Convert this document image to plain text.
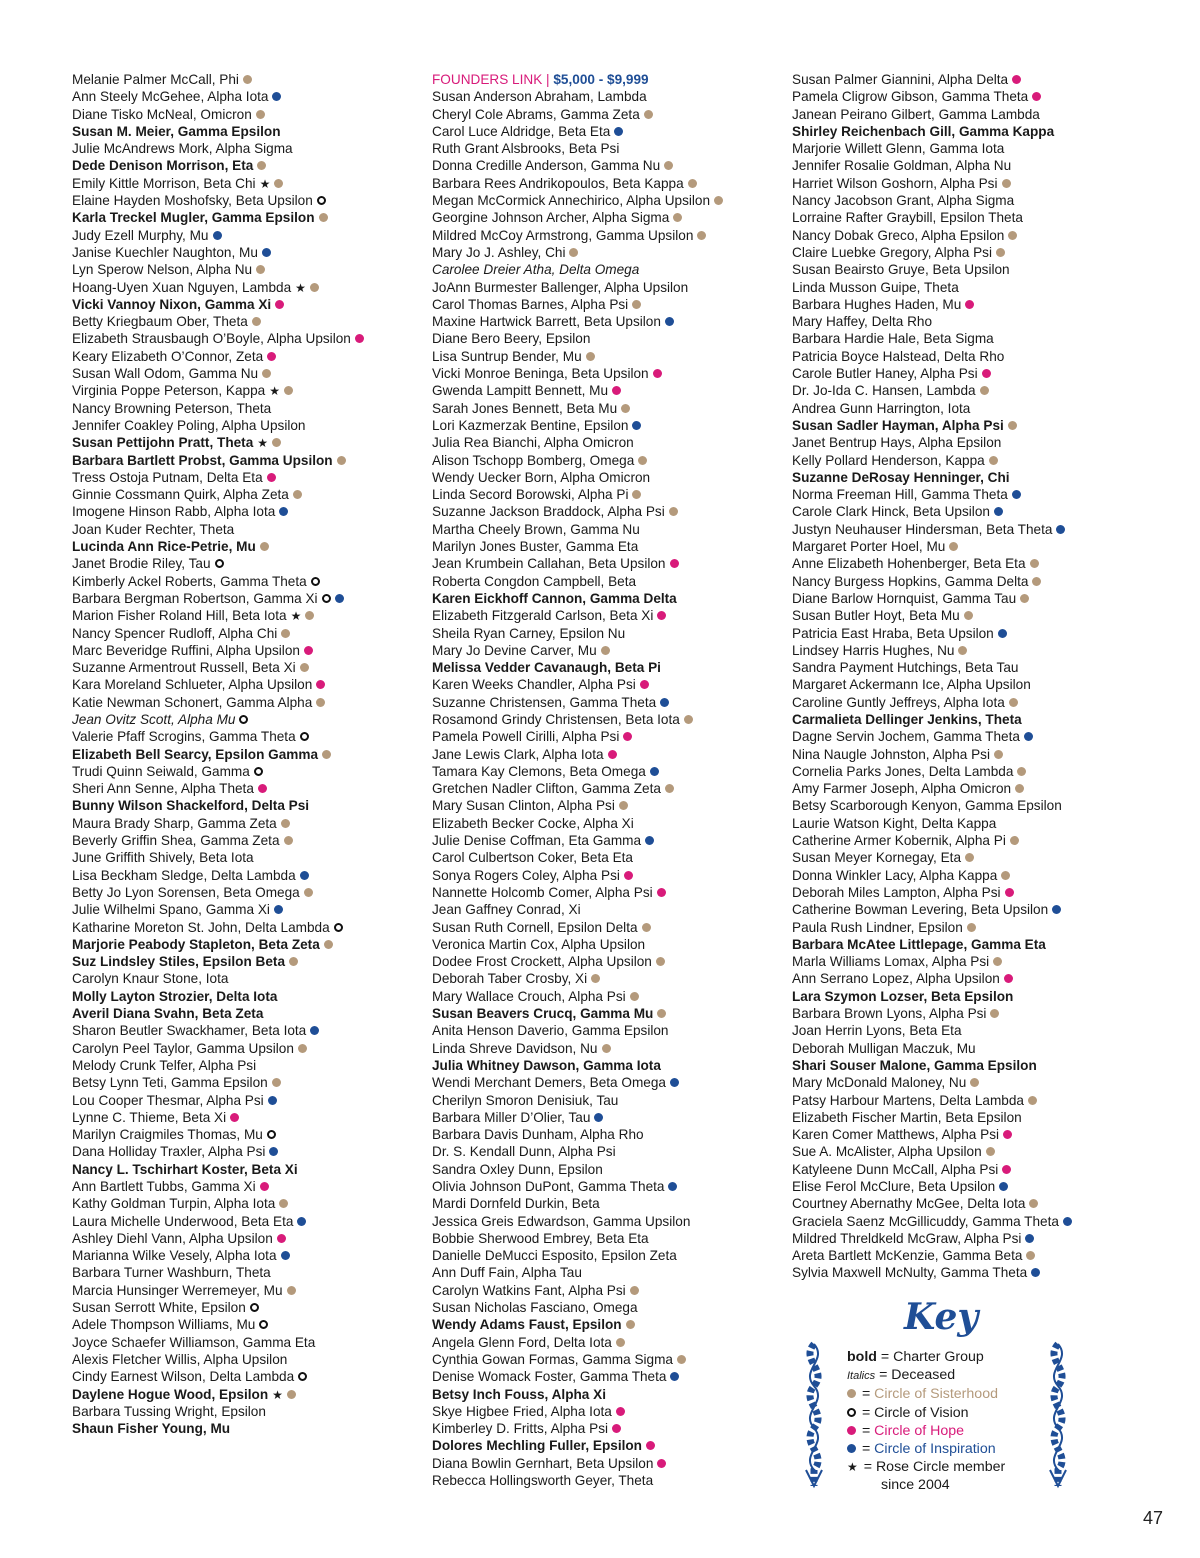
Melanie Palmer McCall, Phi
Ann Steely McGehee, Alpha Iota
Diane Tisko McNeal, Omicron
Susan M. Meier, Gamma Epsilon
Julie McAndrews Mork, Alpha Sigma
Dede Denison Morrison, Eta
Emily Kittle Morrison, Beta Chi ★
Elaine Hayden Moshofsky, Beta Upsilon
Karla Treckel Mugler, Gamma Epsilon
Judy Ezell Murphy, Mu
Janise Kuechler Naughton, Mu
Lyn Sperow Nelson, Alpha Nu
Hoang-Uyen Xuan Nguyen, Lambda ★
Vicki Vannoy Nixon, Gamma Xi
Betty Kriegbaum Ober, Theta
Elizabeth Strausbaugh O’Boyle, Alpha Upsilon
Keary Elizabeth O’Connor, Zeta
Susan Wall Odom, Gamma Nu
Virginia Poppe Peterson, Kappa ★
Nancy Browning Peterson, Theta
Jennifer Coakley Poling, Alpha Upsilon
Susan Pettijohn Pratt, Theta ★
Barbara Bartlett Probst, Gamma Upsilon
Tress Ostoja Putnam, Delta Eta
Ginnie Cossmann Quirk, Alpha Zeta
Imogene Hinson Rabb, Alpha Iota
Joan Kuder Rechter, Theta
Lucinda Ann Rice-Petrie, Mu
Janet Brodie Riley, Tau
Kimberly Ackel Roberts, Gamma Theta
Barbara Bergman Robertson, Gamma Xi
Marion Fisher Roland Hill, Beta Iota ★
Nancy Spencer Rudloff, Alpha Chi
Marc Beveridge Ruffini, Alpha Upsilon
Suzanne Armentrout Russell, Beta Xi
Kara Moreland Schlueter, Alpha Upsilon
Katie Newman Schonert, Gamma Alpha
Jean Ovitz Scott, Alpha Mu
Valerie Pfaff Scrogins, Gamma Theta
Elizabeth Bell Searcy, Epsilon Gamma
Trudi Quinn Seiwald, Gamma
Sheri Ann Senne, Alpha Theta
Bunny Wilson Shackelford, Delta Psi
Maura Brady Sharp, Gamma Zeta
Beverly Griffin Shea, Gamma Zeta
June Griffith Shively, Beta Iota
Lisa Beckham Sledge, Delta Lambda
Betty Jo Lyon Sorensen, Beta Omega
Julie Wilhelmi Spano, Gamma Xi
Katharine Moreton St. John, Delta Lambda
Marjorie Peabody Stapleton, Beta Zeta
Suz Lindsley Stiles, Epsilon Beta
Carolyn Knaur Stone, Iota
Molly Layton Strozier, Delta Iota
Averil Diana Svahn, Beta Zeta
Sharon Beutler Swackhamer, Beta Iota
Carolyn Peel Taylor, Gamma Upsilon
Melody Crunk Telfer, Alpha Psi
Betsy Lynn Teti, Gamma Epsilon
Lou Cooper Thesmar, Alpha Psi
Lynne C. Thieme, Beta Xi
Marilyn Craigmiles Thomas, Mu
Dana Holliday Traxler, Alpha Psi
Nancy L. Tschirhart Koster, Beta Xi
Ann Bartlett Tubbs, Gamma Xi
Kathy Goldman Turpin, Alpha Iota
Laura Michelle Underwood, Beta Eta
Ashley Diehl Vann, Alpha Upsilon
Marianna Wilke Vesely, Alpha Iota
Barbara Turner Washburn, Theta
Marcia Hunsinger Werremeyer, Mu
Susan Serrott White, Epsilon
Adele Thompson Williams, Mu
Joyce Schaefer Williamson, Gamma Eta
Alexis Fletcher Willis, Alpha Upsilon
Cindy Earnest Wilson, Delta Lambda
Daylene Hogue Wood, Epsilon ★
Barbara Tussing Wright, Epsilon
Shaun Fisher Young, Mu
FOUNDERS LINK | $5,000 - $9,999
Susan Anderson Abraham, Lambda
Cheryl Cole Abrams, Gamma Zeta
Carol Luce Aldridge, Beta Eta
Ruth Grant Alsbrooks, Beta Psi
Donna Credille Anderson, Gamma Nu
Barbara Rees Andrikopoulos, Beta Kappa
Megan McCormick Annechirico, Alpha Upsilon
Georgine Johnson Archer, Alpha Sigma
Mildred McCoy Armstrong, Gamma Upsilon
Mary Jo J. Ashley, Chi
Carolee Dreier Atha, Delta Omega
JoAnn Burmester Ballenger, Alpha Upsilon
Carol Thomas Barnes, Alpha Psi
Maxine Hartwick Barrett, Beta Upsilon
Diane Bero Beery, Epsilon
Lisa Suntrup Bender, Mu
Vicki Monroe Beninga, Beta Upsilon
Gwenda Lampitt Bennett, Mu
Sarah Jones Bennett, Beta Mu
Lori Kazmerzak Bentine, Epsilon
Julia Rea Bianchi, Alpha Omicron
Alison Tschopp Bomberg, Omega
Wendy Uecker Born, Alpha Omicron
Linda Secord Borowski, Alpha Pi
Suzanne Jackson Braddock, Alpha Psi
Martha Cheely Brown, Gamma Nu
Marilyn Jones Buster, Gamma Eta
Jean Krumbein Callahan, Beta Upsilon
Roberta Congdon Campbell, Beta
Karen Eickhoff Cannon, Gamma Delta
Elizabeth Fitzgerald Carlson, Beta Xi
Sheila Ryan Carney, Epsilon Nu
Mary Jo Devine Carver, Mu
Melissa Vedder Cavanaugh, Beta Pi
Karen Weeks Chandler, Alpha Psi
Suzanne Christensen, Gamma Theta
Rosamond Grindy Christensen, Beta Iota
Pamela Powell Cirilli, Alpha Psi
Jane Lewis Clark, Alpha Iota
Tamara Kay Clemons, Beta Omega
Gretchen Nadler Clifton, Gamma Zeta
Mary Susan Clinton, Alpha Psi
Elizabeth Becker Cocke, Alpha Xi
Julie Denise Coffman, Eta Gamma
Carol Culbertson Coker, Beta Eta
Sonya Rogers Coley, Alpha Psi
Nannette Holcomb Comer, Alpha Psi
Jean Gaffney Conrad, Xi
Susan Ruth Cornell, Epsilon Delta
Veronica Martin Cox, Alpha Upsilon
Dodee Frost Crockett, Alpha Upsilon
Deborah Taber Crosby, Xi
Mary Wallace Crouch, Alpha Psi
Susan Beavers Crucq, Gamma Mu
Anita Henson Daverio, Gamma Epsilon
Linda Shreve Davidson, Nu
Julia Whitney Dawson, Gamma Iota
Wendi Merchant Demers, Beta Omega
Cherilyn Smoron Denisiuk, Tau
Barbara Miller D’Olier, Tau
Barbara Davis Dunham, Alpha Rho
Dr. S. Kendall Dunn, Alpha Psi
Sandra Oxley Dunn, Epsilon
Olivia Johnson DuPont, Gamma Theta
Mardi Dornfeld Durkin, Beta
Jessica Greis Edwardson, Gamma Upsilon
Bobbie Sherwood Embrey, Beta Eta
Danielle DeMucci Esposito, Epsilon Zeta
Ann Duff Fain, Alpha Tau
Carolyn Watkins Fant, Alpha Psi
Susan Nicholas Fasciano, Omega
Wendy Adams Faust, Epsilon
Angela Glenn Ford, Delta Iota
Cynthia Gowan Formas, Gamma Sigma
Denise Womack Foster, Gamma Theta
Betsy Inch Fouss, Alpha Xi
Skye Higbee Fried, Alpha Iota
Kimberley D. Fritts, Alpha Psi
Dolores Mechling Fuller, Epsilon
Diana Bowlin Gernhart, Beta Upsilon
Rebecca Hollingsworth Geyer, Theta
Susan Palmer Giannini, Alpha Delta
Pamela Cligrow Gibson, Gamma Theta
Janean Peirano Gilbert, Gamma Lambda
Shirley Reichenbach Gill, Gamma Kappa
Marjorie Willett Glenn, Gamma Iota
Jennifer Rosalie Goldman, Alpha Nu
Harriet Wilson Goshorn, Alpha Psi
Nancy Jacobson Grant, Alpha Sigma
Lorraine Rafter Graybill, Epsilon Theta
Nancy Dobak Greco, Alpha Epsilon
Claire Luebke Gregory, Alpha Psi
Susan Beairsto Gruye, Beta Upsilon
Linda Musson Guipe, Theta
Barbara Hughes Haden, Mu
Mary Haffey, Delta Rho
Barbara Hardie Hale, Beta Sigma
Patricia Boyce Halstead, Delta Rho
Carole Butler Haney, Alpha Psi
Dr. Jo-Ida C. Hansen, Lambda
Andrea Gunn Harrington, Iota
Susan Sadler Hayman, Alpha Psi
Janet Bentrup Hays, Alpha Epsilon
Kelly Pollard Henderson, Kappa
Suzanne DeRosay Henninger, Chi
Norma Freeman Hill, Gamma Theta
Carole Clark Hinck, Beta Upsilon
Justyn Neuhauser Hindersman, Beta Theta
Margaret Porter Hoel, Mu
Anne Elizabeth Hohenberger, Beta Eta
Nancy Burgess Hopkins, Gamma Delta
Diane Barlow Hornquist, Gamma Tau
Susan Butler Hoyt, Beta Mu
Patricia East Hraba, Beta Upsilon
Lindsey Harris Hughes, Nu
Sandra Payment Hutchings, Beta Tau
Margaret Ackermann Ice, Alpha Upsilon
Caroline Guntly Jeffreys, Alpha Iota
Carmalieta Dellinger Jenkins, Theta
Dagne Servin Jochem, Gamma Theta
Nina Naugle Johnston, Alpha Psi
Cornelia Parks Jones, Delta Lambda
Amy Farmer Joseph, Alpha Omicron
Betsy Scarborough Kenyon, Gamma Epsilon
Laurie Watson Kight, Delta Kappa
Catherine Armer Kobernik, Alpha Pi
Susan Meyer Kornegay, Eta
Donna Winkler Lacy, Alpha Kappa
Deborah Miles Lampton, Alpha Psi
Catherine Bowman Levering, Beta Upsilon
Paula Rush Lindner, Epsilon
Barbara McAtee Littlepage, Gamma Eta
Marla Williams Lomax, Alpha Psi
Ann Serrano Lopez, Alpha Upsilon
Lara Szymon Lozser, Beta Epsilon
Barbara Brown Lyons, Alpha Psi
Joan Herrin Lyons, Beta Eta
Deborah Mulligan Maczuk, Mu
Shari Souser Malone, Gamma Epsilon
Mary McDonald Maloney, Nu
Patsy Harbour Martens, Delta Lambda
Elizabeth Fischer Martin, Beta Epsilon
Karen Comer Matthews, Alpha Psi
Sue A. McAlister, Alpha Upsilon
Katyleene Dunn McCall, Alpha Psi
Elise Ferol McClure, Beta Upsilon
Courtney Abernathy McGee, Delta Iota
Graciela Saenz McGillicuddy, Gamma Theta
Mildred Threldkeld McGraw, Alpha Psi
Areta Bartlett McKenzie, Gamma Beta
Sylvia Maxwell McNulty, Gamma Theta
Key
bold = Charter Group
Italics = Deceased
= Circle of Sisterhood
= Circle of Vision
= Circle of Hope
= Circle of Inspiration
★ = Rose Circle member
since 2004
47
